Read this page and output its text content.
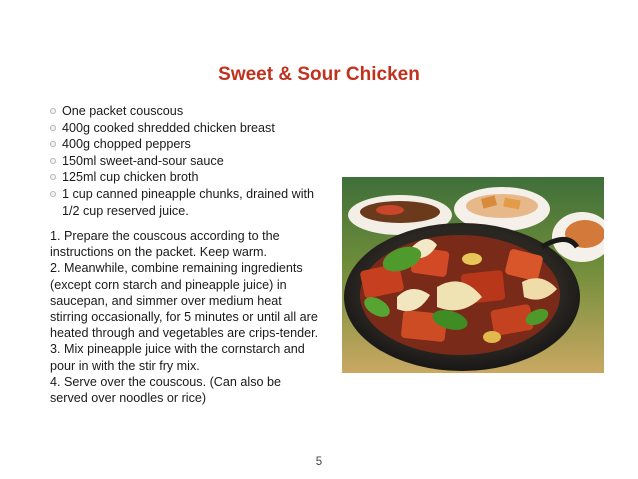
Sweet & Sour Chicken
One packet couscous
400g cooked shredded chicken breast
400g chopped peppers
150ml sweet-and-sour sauce
125ml cup chicken broth
1 cup canned pineapple chunks, drained with 1/2 cup reserved juice.

1. Prepare the couscous according to the instructions on the packet. Keep warm.

2. Meanwhile, combine remaining ingredients (except corn starch and pineapple juice) in saucepan, and simmer over medium heat stirring occasionally, for 5 minutes or until all are heated through and vegetables are crips-tender.

3. Mix pineapple juice with the cornstarch and pour in with the stir fry mix.

4. Serve over the couscous. (Can also be served over noodles or rice)

5
